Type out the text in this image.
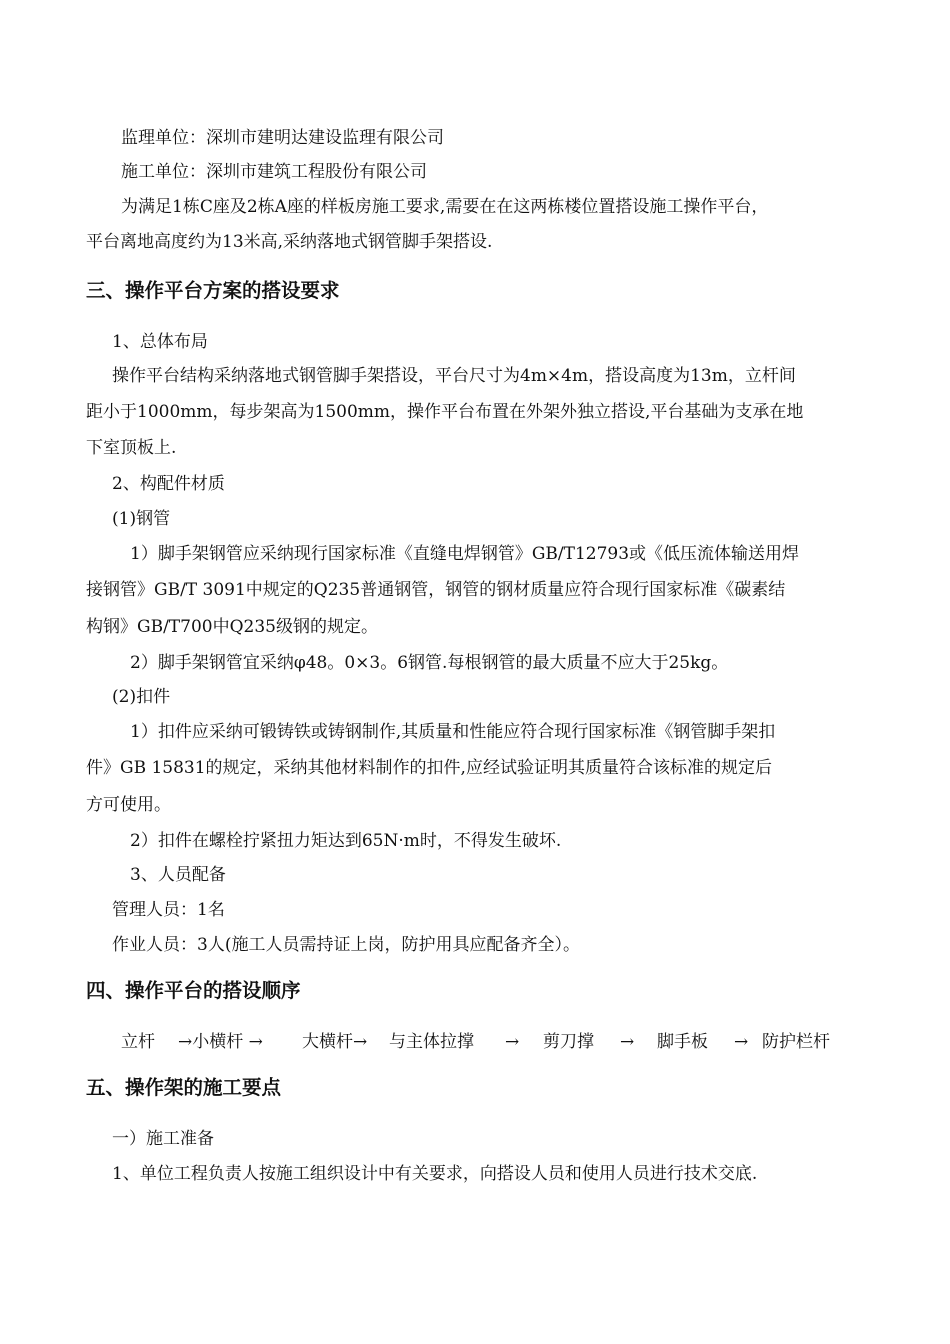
监理单位：深圳市建明达建设监理有限公司
施工单位：深圳市建筑工程股份有限公司
为满足1栋C座及2栋A座的样板房施工要求,需要在在这两栋楼位置搭设施工操作平台，
平台离地高度约为13米高,采纳落地式钢管脚手架搭设.
三、操作平台方案的搭设要求
1、总体布局
操作平台结构采纳落地式钢管脚手架搭设，平台尺寸为4m×4m，搭设高度为13m，立杆间
距小于1000mm，每步架高为1500mm，操作平台布置在外架外独立搭设,平台基础为支承在地
下室顶板上.
2、构配件材质
(1)钢管
1）脚手架钢管应采纳现行国家标准《直缝电焊钢管》GB/T12793或《低压流体输送用焊
接钢管》GB/T 3091中规定的Q235普通钢管，钢管的钢材质量应符合现行国家标准《碳素结
构钢》GB/T700中Q235级钢的规定。
2）脚手架钢管宜采纳φ48。0×3。6钢管.每根钢管的最大质量不应大于25kg。
(2)扣件
1）扣件应采纳可锻铸铁或铸钢制作,其质量和性能应符合现行国家标准《钢管脚手架扣
件》GB 15831的规定，采纳其他材料制作的扣件,应经试验证明其质量符合该标准的规定后
方可使用。
2）扣件在螺栓拧紧扭力矩达到65N·m时，不得发生破坏.
3、人员配备
管理人员：1名
作业人员：3人(施工人员需持证上岗，防护用具应配备齐全）。
四、操作平台的搭设顺序
立杆 →小横杆 → 大横杆→ 与主体拉撑 → 剪刀撑 → 脚手板 → 防护栏杆
五、操作架的施工要点
一）施工准备
1、单位工程负责人按施工组织设计中有关要求，向搭设人员和使用人员进行技术交底.
